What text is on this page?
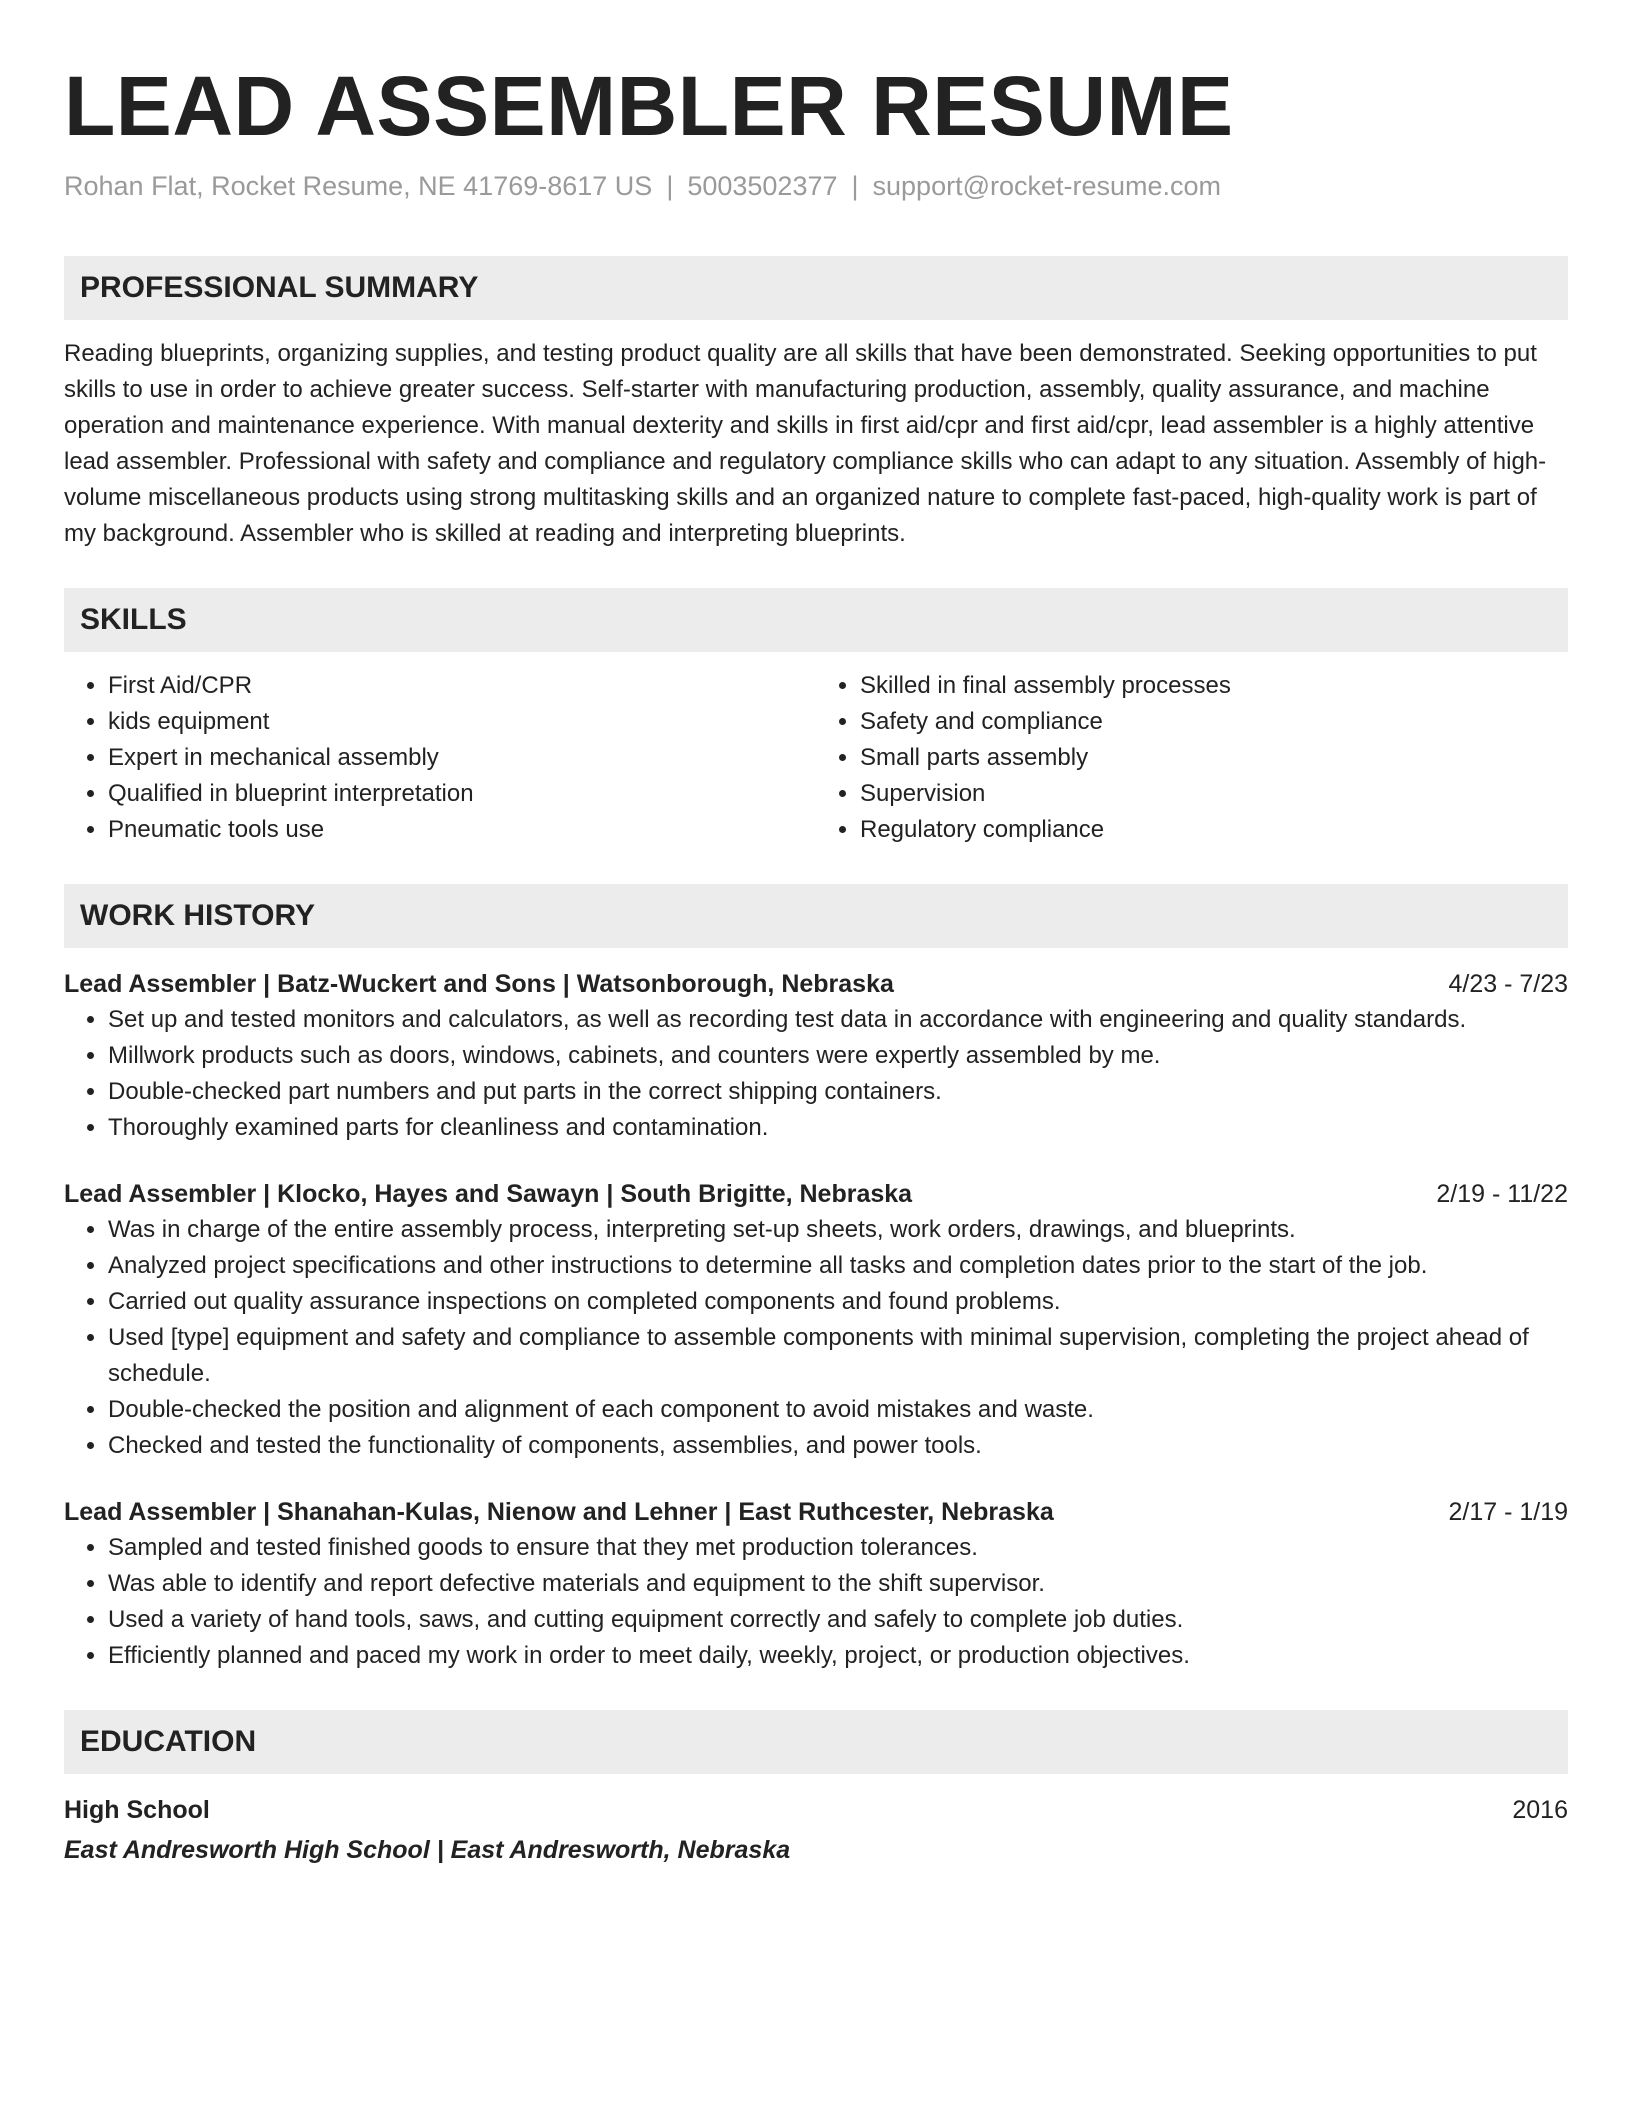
LEAD ASSEMBLER RESUME
Rohan Flat, Rocket Resume, NE 41769-8617 US | 5003502377 | support@rocket-resume.com
PROFESSIONAL SUMMARY

Reading blueprints, organizing supplies, and testing product quality are all skills that have been demonstrated. Seeking opportunities to put skills to use in order to achieve greater success. Self-starter with manufacturing production, assembly, quality assurance, and machine operation and maintenance experience. With manual dexterity and skills in first aid/cpr and first aid/cpr, lead assembler is a highly attentive lead assembler. Professional with safety and compliance and regulatory compliance skills who can adapt to any situation. Assembly of high-volume miscellaneous products using strong multitasking skills and an organized nature to complete fast-paced, high-quality work is part of my background. Assembler who is skilled at reading and interpreting blueprints.

SKILLS
• First Aid/CPR
• kids equipment
• Expert in mechanical assembly
• Qualified in blueprint interpretation
• Pneumatic tools use
• Skilled in final assembly processes
• Safety and compliance
• Small parts assembly
• Supervision
• Regulatory compliance
WORK HISTORY
Lead Assembler | Batz-Wuckert and Sons | Watsonborough, Nebraska	4/23 - 7/23
• Set up and tested monitors and calculators, as well as recording test data in accordance with engineering and quality standards.
• Millwork products such as doors, windows, cabinets, and counters were expertly assembled by me.
• Double-checked part numbers and put parts in the correct shipping containers.
• Thoroughly examined parts for cleanliness and contamination.
Lead Assembler | Klocko, Hayes and Sawayn | South Brigitte, Nebraska	2/19 - 11/22
• Was in charge of the entire assembly process, interpreting set-up sheets, work orders, drawings, and blueprints.
• Analyzed project specifications and other instructions to determine all tasks and completion dates prior to the start of the job.
• Carried out quality assurance inspections on completed components and found problems.
• Used [type] equipment and safety and compliance to assemble components with minimal supervision, completing the project ahead of schedule.
• Double-checked the position and alignment of each component to avoid mistakes and waste.
• Checked and tested the functionality of components, assemblies, and power tools.
Lead Assembler | Shanahan-Kulas, Nienow and Lehner | East Ruthcester, Nebraska	2/17 - 1/19
• Sampled and tested finished goods to ensure that they met production tolerances.
• Was able to identify and report defective materials and equipment to the shift supervisor.
• Used a variety of hand tools, saws, and cutting equipment correctly and safely to complete job duties.
• Efficiently planned and paced my work in order to meet daily, weekly, project, or production objectives.
EDUCATION
High School	2016
East Andresworth High School | East Andresworth, Nebraska
